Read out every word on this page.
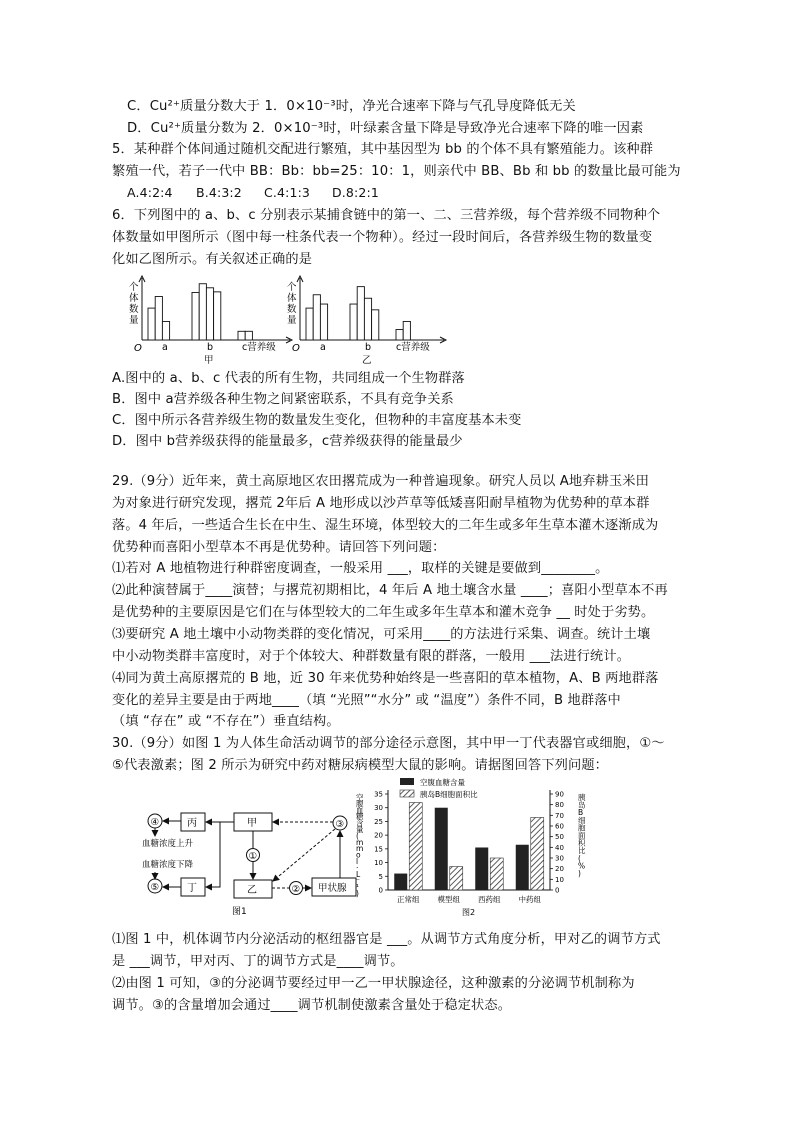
C．Cu²⁺质量分数大于 1．0×10⁻³时，净光合速率下降与气孔导度降低无关
D．Cu²⁺质量分数为 2．0×10⁻³时，叶绿素含量下降是导致净光合速率下降的唯一因素
5．某种群个体间通过随机交配进行繁殖，其中基因型为 bb 的个体不具有繁殖能力。该种群
繁殖一代，若子一代中 BB：Bb：bb=25：10：1，则亲代中 BB、Bb 和 bb 的数量比最可能为
A.4:2:4 B.4:3:2 C.4:1:3 D.8:2:1
6．下列图中的 a、b、c 分别表示某捕食链中的第一、二、三营养级，每个营养级不同物种个
体数量如甲图所示（图中每一柱条代表一个物种）。经过一段时间后，各营养级生物的数量变
化如乙图所示。有关叙述正确的是
个体 数量
O a	b	c营养级
甲
个体 数量
O a	b	c营养级
乙
A.图中的 a、b、c 代表的所有生物，共同组成一个生物群落
B．图中 a营养级各种生物之间紧密联系，不具有竞争关系
C．图中所示各营养级生物的数量发生变化，但物种的丰富度基本未变
D．图中 b营养级获得的能量最多，c营养级获得的能量最少
29.（9分）近年来，黄土高原地区农田撂荒成为一种普遍现象。研究人员以 A地弃耕玉米田
为对象进行研究发现，撂荒 2年后 A 地形成以沙芦草等低矮喜阳耐旱植物为优势种的草本群
落。4 年后，一些适合生长在中生、湿生环境，体型较大的二年生或多年生草本灌木逐渐成为
优势种而喜阳小型草本不再是优势种。请回答下列问题：
⑴若对 A 地植物进行种群密度调查，一般采用 ___，取样的关键是要做到________。
⑵此种演替属于____演替；与撂荒初期相比，4 年后 A 地土壤含水量 ____；喜阳小型草本不再
是优势种的主要原因是它们在与体型较大的二年生或多年生草本和灌木竞争 __ 时处于劣势。
⑶要研究 A 地土壤中小动物类群的变化情况，可采用____的方法进行采集、调查。统计土壤
中小动物类群丰富度时，对于个体较大、种群数量有限的群落，一般用 ___法进行统计。
⑷同为黄土高原撂荒的 B 地，近 30 年来优势种始终是一些喜阳的草本植物，A、B 两地群落
变化的差异主要是由于两地____（填 “光照”“水分” 或 “温度”）条件不同，B 地群落中
（填 “存在” 或 “不存在”）垂直结构。
30.（9分）如图 1 为人体生命活动调节的部分途径示意图，其中甲一丁代表器官或细胞，①～
⑤代表激素；图 2 所示为研究中药对糖尿病模型大鼠的影响。请据图回答下列问题：
丙	甲
丁	乙	甲状腺
④
⑤
①
②
③
血糖浓度上升
血糖浓度下降
图1
空腹血糖含量
胰岛B细胞面积比
空腹血糖含量( m m o l · L ⁻ ¹ )
胰岛 B 细胞面积比( % )
0
5
10
15
20
25
30
35
0
10
20
30
40
50
60
70
80
90
正常组 模型组 西药组 中药组
图2
⑴图 1 中，机体调节内分泌活动的枢纽器官是 ___。从调节方式角度分析，甲对乙的调节方式
是 ___调节，甲对丙、丁的调节方式是____调节。
⑵由图 1 可知，③的分泌调节要经过甲一乙一甲状腺途径，这种激素的分泌调节机制称为
调节。③的含量增加会通过____调节机制使激素含量处于稳定状态。
